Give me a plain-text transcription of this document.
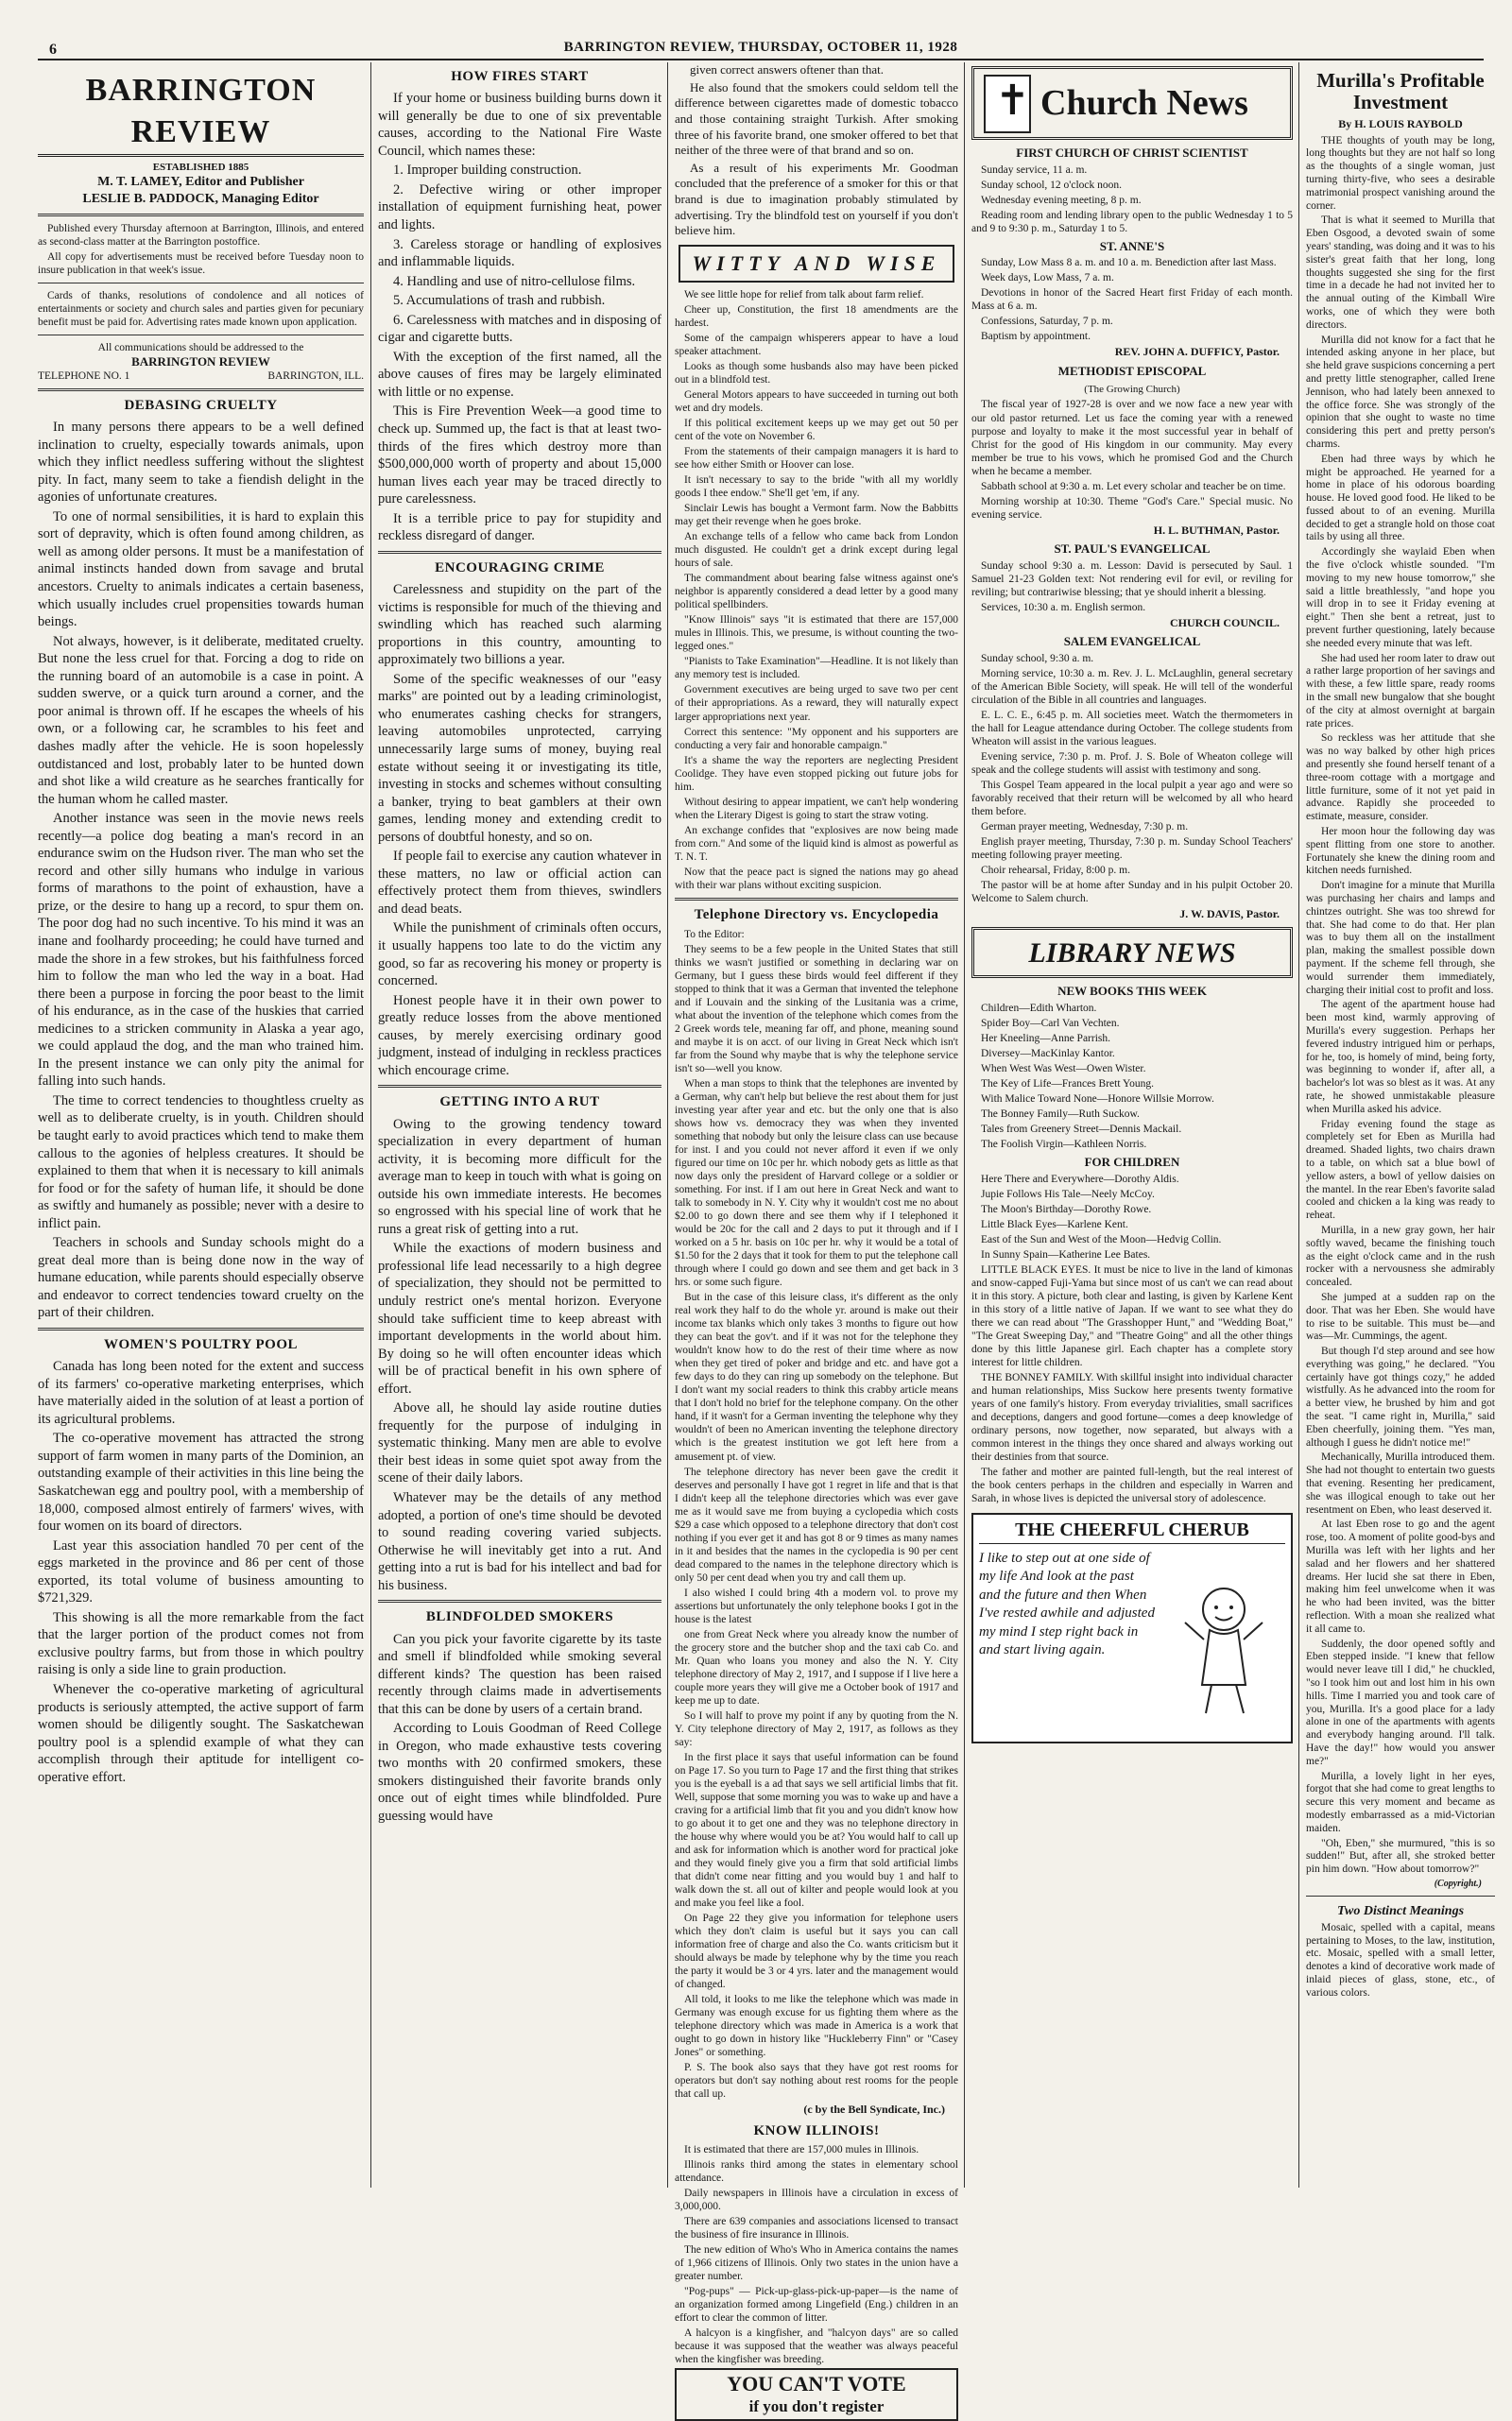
6	BARRINGTON REVIEW, THURSDAY, OCTOBER 11, 1928
BARRINGTON REVIEW
ESTABLISHED 1885
M. T. LAMEY, Editor and Publisher
LESLIE B. PADDOCK, Managing Editor

Published every Thursday afternoon at Barrington, Illinois, and entered as second-class matter at the Barrington postoffice.

All copy for advertisements must be received before Tuesday noon to insure publication in that week's issue.

Cards of thanks, resolutions of condolence and all notices of entertainments or society and church sales and parties given for pecuniary benefit must be paid for. Advertising rates made known upon application.

All communications should be addressed to the
BARRINGTON REVIEW
TELEPHONE NO. 1	BARRINGTON, ILL.
DEBASING CRUELTY

In many persons there appears to be a well defined inclination to cruelty, especially towards animals, upon which they inflict needless suffering without the slightest pity. In fact, many seem to take a fiendish delight in the agonies of unfortunate creatures.

To one of normal sensibilities, it is hard to explain this sort of depravity, which is often found among children, as well as among older persons. It must be a manifestation of animal instincts handed down from savage and brutal ancestors. Cruelty to animals indicates a certain baseness, which usually includes cruel propensities towards human beings.

Not always, however, is it deliberate, meditated cruelty. But none the less cruel for that. Forcing a dog to ride on the running board of an automobile is a case in point. A sudden swerve, or a quick turn around a corner, and the poor animal is thrown off. If he escapes the wheels of his own, or a following car, he scrambles to his feet and dashes madly after the vehicle. He is soon hopelessly outdistanced and lost, probably later to be hunted down and shot like a wild creature as he searches frantically for the human whom he called master.

Another instance was seen in the movie news reels recently—a police dog beating a man's record in an endurance swim on the Hudson river. The man who set the record and other silly humans who indulge in various forms of marathons to the point of exhaustion, have a prize, or the desire to hang up a record, to spur them on. The poor dog had no such incentive. To his mind it was an inane and foolhardy proceeding; he could have turned and made the shore in a few strokes, but his faithfulness forced him to follow the man who led the way in a boat. Had there been a purpose in forcing the poor beast to the limit of his endurance, as in the case of the huskies that carried medicines to a stricken community in Alaska a year ago, we could applaud the dog, and the man who trained him. In the present instance we can only pity the animal for falling into such hands.

The time to correct tendencies to thoughtless cruelty as well as to deliberate cruelty, is in youth. Children should be taught early to avoid practices which tend to make them callous to the agonies of helpless creatures. It should be explained to them that when it is necessary to kill animals for food or for the safety of human life, it should be done as swiftly and humanely as possible; never with a desire to inflict pain.

Teachers in schools and Sunday schools might do a great deal more than is being done now in the way of humane education, while parents should especially observe and endeavor to correct tendencies toward cruelty on the part of their children.

WOMEN'S POULTRY POOL

Canada has long been noted for the extent and success of its farmers' co-operative marketing enterprises, which have materially aided in the solution of at least a portion of its agricultural problems.

The co-operative movement has attracted the strong support of farm women in many parts of the Dominion, an outstanding example of their activities in this line being the Saskatchewan egg and poultry pool, with a membership of 18,000, composed almost entirely of farmers' wives, with four women on its board of directors.

Last year this association handled 70 per cent of the eggs marketed in the province and 86 per cent of those exported, its total volume of business amounting to $721,329.

This showing is all the more remarkable from the fact that the larger portion of the product comes not from exclusive poultry farms, but from those in which poultry raising is only a side line to grain production.

Whenever the co-operative marketing of agricultural products is seriously attempted, the active support of farm women should be diligently sought. The Saskatchewan poultry pool is a splendid example of what they can accomplish through their aptitude for intelligent co-operative effort.

HOW FIRES START

If your home or business building burns down it will generally be due to one of six preventable causes, according to the National Fire Waste Council, which names these:

1. Improper building construction.

2. Defective wiring or other improper installation of equipment furnishing heat, power and lights.

3. Careless storage or handling of explosives and inflammable liquids.

4. Handling and use of nitro-cellulose films.

5. Accumulations of trash and rubbish.

6. Carelessness with matches and in disposing of cigar and cigarette butts.

With the exception of the first named, all the above causes of fires may be largely eliminated with little or no expense.

This is Fire Prevention Week—a good time to check up. Summed up, the fact is that at least two-thirds of the fires which destroy more than $500,000,000 worth of property and about 15,000 human lives each year may be traced directly to pure carelessness.

It is a terrible price to pay for stupidity and reckless disregard of danger.

ENCOURAGING CRIME

Carelessness and stupidity on the part of the victims is responsible for much of the thieving and swindling which has reached such alarming proportions in this country, amounting to approximately two billions a year.

Some of the specific weaknesses of our "easy marks" are pointed out by a leading criminologist, who enumerates cashing checks for strangers, leaving automobiles unprotected, carrying unnecessarily large sums of money, buying real estate without seeing it or investigating its title, investing in stocks and schemes without consulting a banker, trying to beat gamblers at their own games, lending money and extending credit to persons of doubtful honesty, and so on.

If people fail to exercise any caution whatever in these matters, no law or official action can effectively protect them from thieves, swindlers and dead beats.

While the punishment of criminals often occurs, it usually happens too late to do the victim any good, so far as recovering his money or property is concerned.

Honest people have it in their own power to greatly reduce losses from the above mentioned causes, by merely exercising ordinary good judgment, instead of indulging in reckless practices which encourage crime.

GETTING INTO A RUT

Owing to the growing tendency toward specialization in every department of human activity, it is becoming more difficult for the average man to keep in touch with what is going on outside his own immediate interests. He becomes so engrossed with his special line of work that he runs a great risk of getting into a rut.

While the exactions of modern business and professional life lead necessarily to a high degree of specialization, they should not be permitted to unduly restrict one's mental horizon. Everyone should take sufficient time to keep abreast with important developments in the world about him. By doing so he will often encounter ideas which will be of practical benefit in his own sphere of effort.

Above all, he should lay aside routine duties frequently for the purpose of indulging in systematic thinking. Many men are able to evolve their best ideas in some quiet spot away from the scene of their daily labors.

Whatever may be the details of any method adopted, a portion of one's time should be devoted to sound reading covering varied subjects. Otherwise he will inevitably get into a rut. And getting into a rut is bad for his intellect and bad for his business.

BLINDFOLDED SMOKERS

Can you pick your favorite cigarette by its taste and smell if blindfolded while smoking several different kinds? The question has been raised recently through claims made in advertisements that this can be done by users of a certain brand.

According to Louis Goodman of Reed College in Oregon, who made exhaustive tests covering two months with 20 confirmed smokers, these smokers distinguished their favorite brands only once out of eight times while blindfolded. Pure guessing would have

given correct answers oftener than that.

He also found that the smokers could seldom tell the difference between cigarettes made of domestic tobacco and those containing straight Turkish. After smoking three of his favorite brand, one smoker offered to bet that neither of the three were of that brand and so on.

As a result of his experiments Mr. Goodman concluded that the preference of a smoker for this or that brand is due to imagination probably stimulated by advertising. Try the blindfold test on yourself if you don't believe him.

WITTY AND WISE

We see little hope for relief from talk about farm relief.

Cheer up, Constitution, the first 18 amendments are the hardest.

Some of the campaign whisperers appear to have a loud speaker attachment.

Looks as though some husbands also may have been picked out in a blindfold test.

General Motors appears to have succeeded in turning out both wet and dry models.

If this political excitement keeps up we may get out 50 per cent of the vote on November 6.

From the statements of their campaign managers it is hard to see how either Smith or Hoover can lose.

It isn't necessary to say to the bride "with all my worldly goods I thee endow." She'll get 'em, if any.

Sinclair Lewis has bought a Vermont farm. Now the Babbitts may get their revenge when he goes broke.

An exchange tells of a fellow who came back from London much disgusted. He couldn't get a drink except during legal hours of sale.

The commandment about bearing false witness against one's neighbor is apparently considered a dead letter by a good many political spellbinders.

"Know Illinois" says "it is estimated that there are 157,000 mules in Illinois. This, we presume, is without counting the two-legged ones."

"Pianists to Take Examination"—Headline. It is not likely than any memory test is included.

Government executives are being urged to save two per cent of their appropriations. As a reward, they will naturally expect larger appropriations next year.

Correct this sentence: "My opponent and his supporters are conducting a very fair and honorable campaign."

It's a shame the way the reporters are neglecting President Coolidge. They have even stopped picking out future jobs for him.

Without desiring to appear impatient, we can't help wondering when the Literary Digest is going to start the straw voting.

An exchange confides that "explosives are now being made from corn." And some of the liquid kind is almost as powerful as T. N. T.

Now that the peace pact is signed the nations may go ahead with their war plans without exciting suspicion.

Telephone Directory vs. Encyclopedia

To the Editor:

They seems to be a few people in the United States that still thinks we wasn't justified or something in declaring war on Germany, but I guess these birds would feel different if they stopped to think that it was a German that invented the telephone and if Louvain and the sinking of the Lusitania was a crime, what about the invention of the telephone which comes from the 2 Greek words tele, meaning far off, and phone, meaning sound and maybe it is on acct. of our living in Great Neck which isn't far from the Sound why maybe that is why the telephone service isn't so—well you know.

When a man stops to think that the telephones are invented by a German, why can't help but believe the rest about them for just investing year after year and etc. but the only one that is also shows how vs. democracy they was when they invented something that nobody but only the leisure class can use because for inst. I and you could not never afford it even if we only figured our time on 10c per hr. which nobody gets as little as that now days only the president of Harvard college or a soldier or something. For inst. if I am out here in Great Neck and want to talk to somebody in N. Y. City why it wouldn't cost me no about $2.00 to go down there and see them why if I telephoned it would be 20c for the call and 2 days to put it through and if I worked on a 5 hr. basis on 10c per hr. why it would be a total of $1.50 for the 2 days that it took for them to put the telephone call through where I could go down and see them and get back in 3 hrs. or some such figure.

But in the case of this leisure class, it's different as the only real work they half to do the whole yr. around is make out their income tax blanks which only takes 3 months to figure out how they can beat the gov't. and if it was not for the telephone they wouldn't know how to do the rest of their time where as now when they get tired of poker and bridge and etc. and have got a few days to do they can ring up somebody on the telephone. But I don't want my social readers to think this crabby article means that I don't hold no brief for the telephone company. On the other hand, if it wasn't for a German inventing the telephone why they wouldn't of been no American inventing the telephone directory which is the greatest institution we got left here from a amusement pt. of view.

The telephone directory has never been gave the credit it deserves and personally I have got 1 regret in life and that is that I didn't keep all the telephone directories which was ever gave me as it would save me from buying a cyclopedia which costs $29 a case which opposed to a telephone directory that don't cost nothing if you ever get it and has got 8 or 9 times as many names in it and besides that the names in the cyclopedia is 90 per cent dead compared to the names in the telephone directory which is only 50 per cent dead when you try and call them up.

I also wished I could bring 4th a modern vol. to prove my assertions but unfortunately the only telephone books I got in the house is the latest

one from Great Neck where you already know the number of the grocery store and the butcher shop and the taxi cab Co. and Mr. Quan who loans you money and also the N. Y. City telephone directory of May 2, 1917, and I suppose if I live here a couple more years they will give me a October book of 1917 and keep me up to date.

So I will half to prove my point if any by quoting from the N. Y. City telephone directory of May 2, 1917, as follows as they say:

In the first place it says that useful information can be found on Page 17. So you turn to Page 17 and the first thing that strikes you is the eyeball is a ad that says we sell artificial limbs that fit. Well, suppose that some morning you was to wake up and have a craving for a artificial limb that fit you and you didn't know how to go about it to get one and they was no telephone directory in the house why where would you be at? You would half to call up and ask for information which is another word for practical joke and they would finely give you a firm that sold artificial limbs that didn't come near fitting and you would buy 1 and half to walk down the st. all out of kilter and people would look at you and make you feel like a fool.

On Page 22 they give you information for telephone users which they don't claim is useful but it says you can call information free of charge and also the Co. wants criticism but it should always be made by telephone why by the time you reach the party it would be 3 or 4 yrs. later and the management would of changed.

All told, it looks to me like the telephone which was made in Germany was enough excuse for us fighting them where as the telephone directory which was made in America is a work that ought to go down in history like "Huckleberry Finn" or "Casey Jones" or something.

P. S. The book also says that they have got rest rooms for operators but don't say nothing about rest rooms for the people that call up.

(c by the Bell Syndicate, Inc.)
KNOW ILLINOIS!

It is estimated that there are 157,000 mules in Illinois.

Illinois ranks third among the states in elementary school attendance.

Daily newspapers in Illinois have a circulation in excess of 3,000,000.

There are 639 companies and associations licensed to transact the business of fire insurance in Illinois.

The new edition of Who's Who in America contains the names of 1,966 citizens of Illinois. Only two states in the union have a greater number.

"Pog-pups" — Pick-up-glass-pick-up-paper—is the name of an organization formed among Lingefield (Eng.) children in an effort to clear the common of litter.

A halcyon is a kingfisher, and "halcyon days" are so called because it was supposed that the weather was always peaceful when the kingfisher was breeding.

YOU CAN'T VOTE
if you don't register
✝ Church News
FIRST CHURCH OF CHRIST SCIENTIST

Sunday service, 11 a. m.

Sunday school, 12 o'clock noon.

Wednesday evening meeting, 8 p. m.

Reading room and lending library open to the public Wednesday 1 to 5 and 9 to 9:30 p. m., Saturday 1 to 5.

ST. ANNE'S

Sunday, Low Mass 8 a. m. and 10 a. m. Benediction after last Mass.

Week days, Low Mass, 7 a. m.

Devotions in honor of the Sacred Heart first Friday of each month. Mass at 6 a. m.

Confessions, Saturday, 7 p. m.

Baptism by appointment.

REV. JOHN A. DUFFICY, Pastor.
METHODIST EPISCOPAL
(The Growing Church)

The fiscal year of 1927-28 is over and we now face a new year with our old pastor returned. Let us face the coming year with a renewed purpose and loyalty to make it the most successful year in behalf of Christ for the good of His kingdom in our community. May every member be true to his vows, which he promised God and the Church when he became a member.

Sabbath school at 9:30 a. m. Let every scholar and teacher be on time.

Morning worship at 10:30. Theme "God's Care." Special music. No evening service.

H. L. BUTHMAN, Pastor.
ST. PAUL'S EVANGELICAL

Sunday school 9:30 a. m. Lesson: David is persecuted by Saul. 1 Samuel 21-23 Golden text: Not rendering evil for evil, or reviling for reviling; but contrariwise blessing; that ye should inherit a blessing.

Services, 10:30 a. m. English sermon.

CHURCH COUNCIL.
SALEM EVANGELICAL

Sunday school, 9:30 a. m.

Morning service, 10:30 a. m. Rev. J. L. McLaughlin, general secretary of the American Bible Society, will speak. He will tell of the wonderful circulation of the Bible in all countries and languages.

E. L. C. E., 6:45 p. m. All societies meet. Watch the thermometers in the hall for League attendance during October. The college students from Wheaton will assist in the various leagues.

Evening service, 7:30 p. m. Prof. J. S. Bole of Wheaton college will speak and the college students will assist with testimony and song.

This Gospel Team appeared in the local pulpit a year ago and were so favorably received that their return will be welcomed by all who heard them before.

German prayer meeting, Wednesday, 7:30 p. m.

English prayer meeting, Thursday, 7:30 p. m. Sunday School Teachers' meeting following prayer meeting.

Choir rehearsal, Friday, 8:00 p. m.

The pastor will be at home after Sunday and in his pulpit October 20. Welcome to Salem church.

J. W. DAVIS, Pastor.
LIBRARY NEWS
NEW BOOKS THIS WEEK

Children—Edith Wharton.

Spider Boy—Carl Van Vechten.

Her Kneeling—Anne Parrish.

Diversey—MacKinlay Kantor.

When West Was West—Owen Wister.

The Key of Life—Frances Brett Young.

With Malice Toward None—Honore Willsie Morrow.

The Bonney Family—Ruth Suckow.

Tales from Greenery Street—Dennis Mackail.

The Foolish Virgin—Kathleen Norris.

FOR CHILDREN

Here There and Everywhere—Dorothy Aldis.

Jupie Follows His Tale—Neely McCoy.

The Moon's Birthday—Dorothy Rowe.

Little Black Eyes—Karlene Kent.

East of the Sun and West of the Moon—Hedvig Collin.

In Sunny Spain—Katherine Lee Bates.

LITTLE BLACK EYES. It must be nice to live in the land of kimonas and snow-capped Fuji-Yama but since most of us can't we can read about it in this story. A picture, both clear and lasting, is given by Karlene Kent in this story of a little native of Japan. If we want to see what they do there we can read about "The Grasshopper Hunt," and "Wedding Boat," "The Great Sweeping Day," and "Theatre Going" and all the other things done by this little Japanese girl. Each chapter has a complete story interest for little children.

THE BONNEY FAMILY. With skillful insight into individual character and human relationships, Miss Suckow here presents twenty formative years of one family's history. From everyday trivialities, small sacrifices and deceptions, dangers and good fortune—comes a deep knowledge of ordinary persons, now together, now separated, but always with a common interest in the things they once shared and always working out their destinies from that source.

The father and mother are painted full-length, but the real interest of the book centers perhaps in the children and especially in Warren and Sarah, in whose lives is depicted the universal story of adolescence.

THE CHEERFUL CHERUB
I like to step out at one side of my life And look at the past and the future and then When I've rested awhile and adjusted my mind I step right back in and start living again.
Murilla's Profitable Investment
By H. LOUIS RAYBOLD

THE thoughts of youth may be long, long thoughts but they are not half so long as the thoughts of a single woman, just turning thirty-five, who sees a desirable matrimonial prospect vanishing around the corner.

That is what it seemed to Murilla that Eben Osgood, a devoted swain of some years' standing, was doing and it was to his sister's great faith that her long, long thoughts suggested she sing for the first time in a decade he had not invited her to the annual outing of the Kimball Wire works, one of which they were both directors.

Murilla did not know for a fact that he intended asking anyone in her place, but she held grave suspicions concerning a pert and pretty little stenographer, called Irene Jennison, who had lately been annexed to the office force. She was strongly of the opinion that she ought to waste no time considering this pert and pretty person's charms.

Eben had three ways by which he might be approached. He yearned for a home in place of his odorous boarding house. He loved good food. He liked to be fussed about to of an evening. Murilla decided to get a strangle hold on those coat tails by using all three.

Accordingly she waylaid Eben when the five o'clock whistle sounded. "I'm moving to my new house tomorrow," she said a little breathlessly, "and hope you will drop in to see it Friday evening at eight." Then she bent a retreat, just to prevent further questioning, lately because she needed every minute that was left.

She had used her room later to draw out a rather large proportion of her savings and with these, a few little spare, ready rooms in the small new bungalow that she bought of the city at almost overnight at bargain rate prices.

So reckless was her attitude that she was no way balked by other high prices and presently she found herself tenant of a three-room cottage with a mortgage and little furniture, some of it not yet paid in advance. Rapidly she proceeded to estimate, measure, consider.

Her moon hour the following day was spent flitting from one store to another. Fortunately she knew the dining room and kitchen needs furnished.

Don't imagine for a minute that Murilla was purchasing her chairs and lamps and chintzes outright. She was too shrewd for that. She had come to do that. Her plan was to buy them all on the installment plan, making the smallest possible down payment. If the scheme fell through, she would surrender them immediately, charging their initial cost to profit and loss.

The agent of the apartment house had been most kind, warmly approving of Murilla's every suggestion. Perhaps her fevered industry intrigued him or perhaps, for he, too, is homely of mind, being forty, was beginning to wonder if, after all, a bachelor's lot was so blest as it was. At any rate, he showed unmistakable pleasure when Murilla asked his advice.

Friday evening found the stage as completely set for Eben as Murilla had dreamed. Shaded lights, two chairs drawn to a table, on which sat a blue bowl of yellow asters, a bowl of yellow daisies on the mantel. In the rear Eben's favorite salad cooled and chicken a la king was ready to reheat.

Murilla, in a new gray gown, her hair softly waved, became the finishing touch as the eight o'clock came and in the rush rocker with a nervousness she admirably concealed.

She jumped at a sudden rap on the door. That was her Eben. She would have to rise to be suitable. This must be—and was—Mr. Cummings, the agent.

But though I'd step around and see how everything was going," he declared. "You certainly have got things cozy," he added wistfully. As he advanced into the room for a better view, he brushed by him and got the seat. "I came right in, Murilla," said Eben cheerfully, joining them. "Yes man, although I guess he didn't notice me!"

Mechanically, Murilla introduced them. She had not thought to entertain two guests that evening. Resenting her predicament, she was illogical enough to take out her resentment on Eben, who least deserved it.

At last Eben rose to go and the agent rose, too. A moment of polite good-bys and Murilla was left with her lights and her salad and her flowers and her shattered dreams. Her lucid she sat there in Eben, making him feel unwelcome when it was he who had been invited, was the bitter reflection. With a moan she realized what it all came to.

Suddenly, the door opened softly and Eben stepped inside. "I knew that fellow would never leave till I did," he chuckled, "so I took him out and lost him in his own hills. Time I married you and took care of you, Murilla. It's a good place for a lady alone in one of the apartments with agents and everybody hanging around. I'll talk. Have the day!" how would you answer me?"

Murilla, a lovely light in her eyes, forgot that she had come to great lengths to secure this very moment and became as modestly embarrassed as a mid-Victorian maiden.

"Oh, Eben," she murmured, "this is so sudden!" But, after all, she stroked better pin him down. "How about tomorrow?"

(Copyright.)
Two Distinct Meanings

Mosaic, spelled with a capital, means pertaining to Moses, to the law, institution, etc. Mosaic, spelled with a small letter, denotes a kind of decorative work made of inlaid pieces of glass, stone, etc., of various colors.
